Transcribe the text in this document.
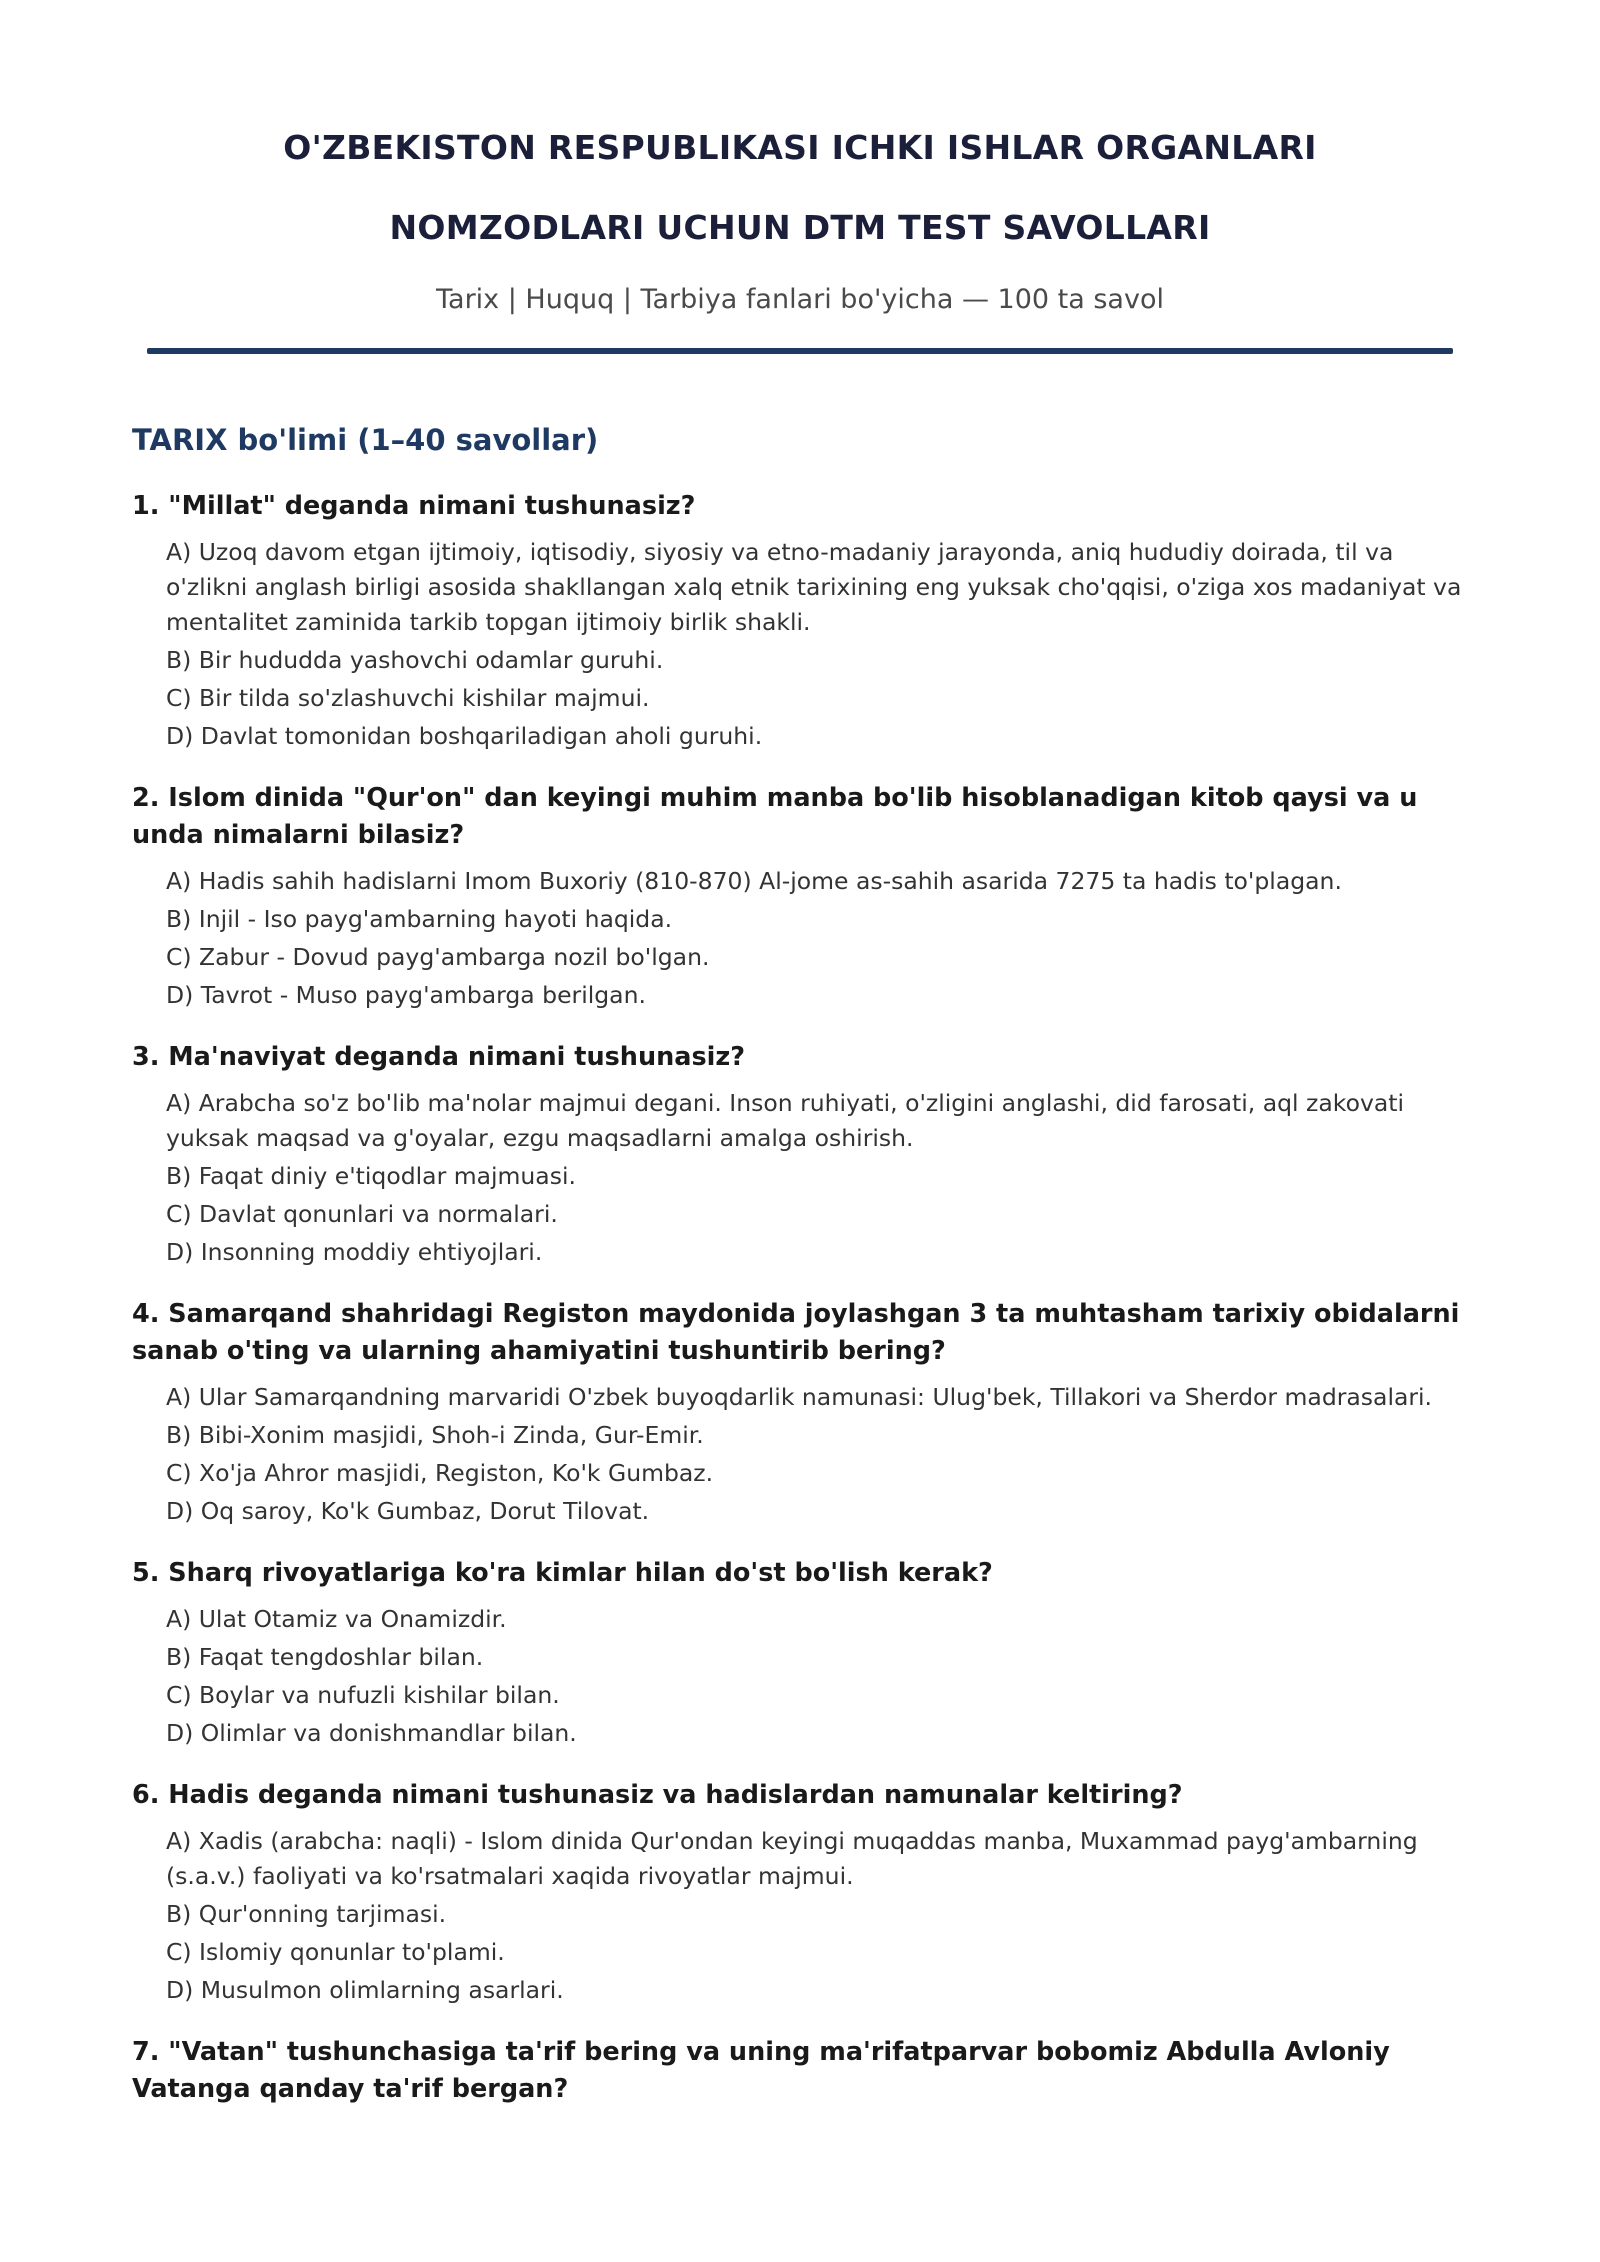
O'ZBEKISTON RESPUBLIKASI ICHKI ISHLAR ORGANLARI

NOMZODLARI UCHUN DTM TEST SAVOLLARI

Tarix | Huquq | Tarbiya fanlari bo'yicha — 100 ta savol
TARIX bo'limi (1–40 savollar)

1. "Millat" deganda nimani tushunasiz?

A) Uzoq davom etgan ijtimoiy, iqtisodiy, siyosiy va etno-madaniy jarayonda, aniq hududiy doirada, til va o'zlikni anglash birligi asosida shakllangan xalq etnik tarixining eng yuksak cho'qqisi, o'ziga xos madaniyat va mentalitet zaminida tarkib topgan ijtimoiy birlik shakli.
B) Bir hududda yashovchi odamlar guruhi.
C) Bir tilda so'zlashuvchi kishilar majmui.
D) Davlat tomonidan boshqariladigan aholi guruhi.

2. Islom dinida "Qur'on" dan keyingi muhim manba bo'lib hisoblanadigan kitob qaysi va u unda nimalarni bilasiz?

A) Hadis sahih hadislarni Imom Buxoriy (810-870) Al-jome as-sahih asarida 7275 ta hadis to'plagan.
B) Injil - Iso payg'ambarning hayoti haqida.
C) Zabur - Dovud payg'ambarga nozil bo'lgan.
D) Tavrot - Muso payg'ambarga berilgan.

3. Ma'naviyat deganda nimani tushunasiz?

A) Arabcha so'z bo'lib ma'nolar majmui degani. Inson ruhiyati, o'zligini anglashi, did farosati, aql zakovati yuksak maqsad va g'oyalar, ezgu maqsadlarni amalga oshirish.
B) Faqat diniy e'tiqodlar majmuasi.
C) Davlat qonunlari va normalari.
D) Insonning moddiy ehtiyojlari.

4. Samarqand shahridagi Registon maydonida joylashgan 3 ta muhtasham tarixiy obidalarni sanab o'ting va ularning ahamiyatini tushuntirib bering?

A) Ular Samarqandning marvaridi O'zbek buyoqdarlik namunasi: Ulug'bek, Tillakori va Sherdor madrasalari.
B) Bibi-Xonim masjidi, Shoh-i Zinda, Gur-Emir.
C) Xo'ja Ahror masjidi, Registon, Ko'k Gumbaz.
D) Oq saroy, Ko'k Gumbaz, Dorut Tilovat.

5. Sharq rivoyatlariga ko'ra kimlar hilan do'st bo'lish kerak?

A) Ulat Otamiz va Onamizdir.
B) Faqat tengdoshlar bilan.
C) Boylar va nufuzli kishilar bilan.
D) Olimlar va donishmandlar bilan.

6. Hadis deganda nimani tushunasiz va hadislardan namunalar keltiring?

A) Xadis (arabcha: naqli) - Islom dinida Qur'ondan keyingi muqaddas manba, Muxammad payg'ambarning (s.a.v.) faoliyati va ko'rsatmalari xaqida rivoyatlar majmui.
B) Qur'onning tarjimasi.
C) Islomiy qonunlar to'plami.
D) Musulmon olimlarning asarlari.

7. "Vatan" tushunchasiga ta'rif bering va uning ma'rifatparvar bobomiz Abdulla Avloniy Vatanga qanday ta'rif bergan?
